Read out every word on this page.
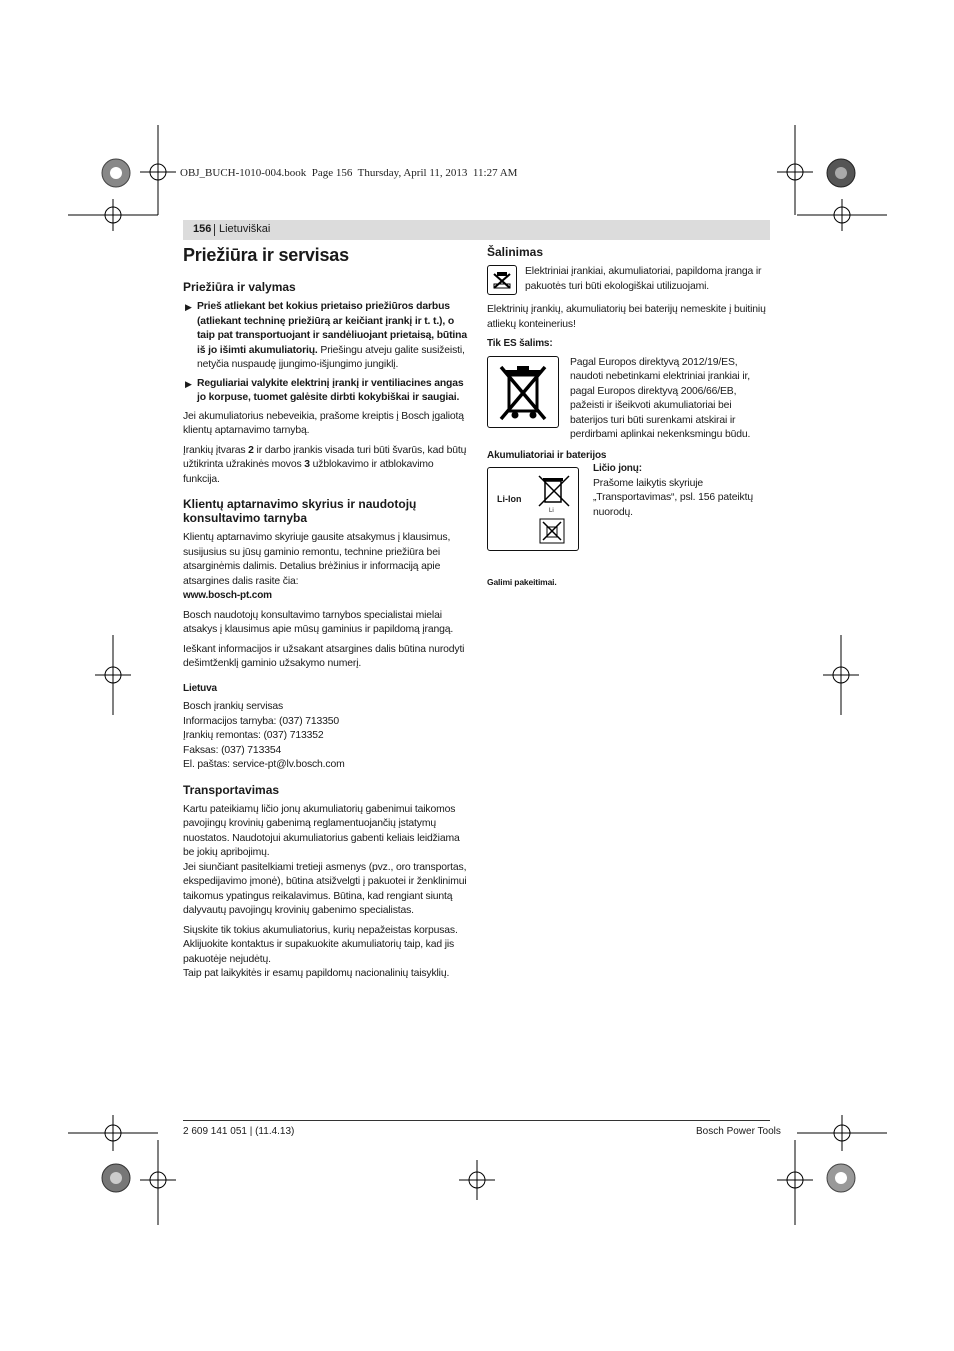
OBJ_BUCH-1010-004.book  Page 156  Thursday, April 11, 2013  11:27 AM
156 Lietuviškai
Priežiūra ir servisas
Priežiūra ir valymas

▶ Prieš atliekant bet kokius prietaiso priežiūros darbus (atliekant techninę priežiūrą ar keičiant įrankį ir t. t.), o taip pat transportuojant ir sandėliuojant prietaisą, būtina iš jo išimti akumuliatorių. Priešingu atveju galite susižeisti, netyčia nuspaudę įjungimo-išjungimo jungiklį.

▶ Reguliariai valykite elektrinį įrankį ir ventiliacines angas jo korpuse, tuomet galėsite dirbti kokybiškai ir saugiai.

Jei akumuliatorius nebeveikia, prašome kreiptis į Bosch įgaliotą klientų aptarnavimo tarnybą.

Įrankių įtvaras 2 ir darbo įrankis visada turi būti švarūs, kad būtų užtikrinta užrakinės movos 3 užblokavimo ir atblokavimo funkcija.

Klientų aptarnavimo skyrius ir naudotojų konsultavimo tarnyba

Klientų aptarnavimo skyriuje gausite atsakymus į klausimus, susijusius su jūsų gaminio remontu, technine priežiūra bei atsarginėmis dalimis. Detalius brėžinius ir informaciją apie atsargines dalis rasite čia:

www.bosch-pt.com

Bosch naudotojų konsultavimo tarnybos specialistai mielai atsakys į klausimus apie mūsų gaminius ir papildomą įrangą.

Ieškant informacijos ir užsakant atsargines dalis būtina nurodyti dešimtženklį gaminio užsakymo numerį.

Lietuva

Bosch įrankių servisas

Informacijos tarnyba: (037) 713350

Įrankių remontas: (037) 713352

Faksas: (037) 713354

El. paštas: service-pt@lv.bosch.com

Transportavimas

Kartu pateikiamų ličio jonų akumuliatorių gabenimui taikomos pavojingų krovinių gabenimą reglamentuojančių įstatymų nuostatos. Naudotojui akumuliatorius gabenti keliais leidžiama be jokių apribojimų.

Jei siunčiant pasitelkiami tretieji asmenys (pvz., oro transportas, ekspedijavimo įmonė), būtina atsižvelgti į pakuotei ir ženklinimui taikomus ypatingus reikalavimus. Būtina, kad rengiant siuntą dalyvautų pavojingų krovinių gabenimo specialistas.

Siųskite tik tokius akumuliatorius, kurių nepažeistas korpusas. Aklijuokite kontaktus ir supakuokite akumuliatorių taip, kad jis pakuotėje nejudėtų.

Taip pat laikykitės ir esamų papildomų nacionalinių taisyklių.

Šalinimas

Elektriniai įrankiai, akumuliatoriai, papildoma įranga ir pakuotės turi būti ekologiškai utilizuojami.

Elektrinių įrankių, akumuliatorių bei baterijų nemeskite į buitinių atliekų konteinerius!

Tik ES šalims:

Pagal Europos direktyvą 2012/19/ES, naudoti nebetinkami elektriniai įrankiai ir, pagal Europos direktyvą 2006/66/EB, pažeisti ir išeikvoti akumuliatoriai bei baterijos turi būti surenkami atskirai ir perdirbami aplinkai nekenksmingu būdu.

Akumuliatoriai ir baterijos

Li-Ion
Li

Ličio jonų:

Prašome laikytis skyriuje „Transportavimas“, psl. 156 pateiktų nuorodų.

Galimi pakeitimai.

2 609 141 051 | (11.4.13)	Bosch Power Tools
